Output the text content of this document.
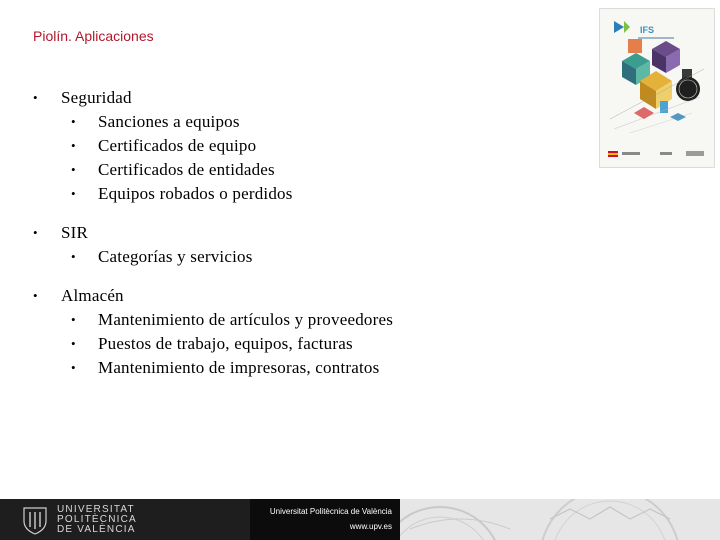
Piolín. Aplicaciones	IFS
• Seguridad
• Sanciones a equipos
• Certificados de equipo
• Certificados de entidades
• Equipos robados o perdidos
• SIR
• Categorías y servicios
• Almacén
• Mantenimiento de artículos y proveedores
• Puestos de trabajo, equipos, facturas
• Mantenimiento de impresoras, contratos
UNIVERSITAT
POLITÈCNICA
DE VALÈNCIA
Universitat Politècnica de València
www.upv.es
